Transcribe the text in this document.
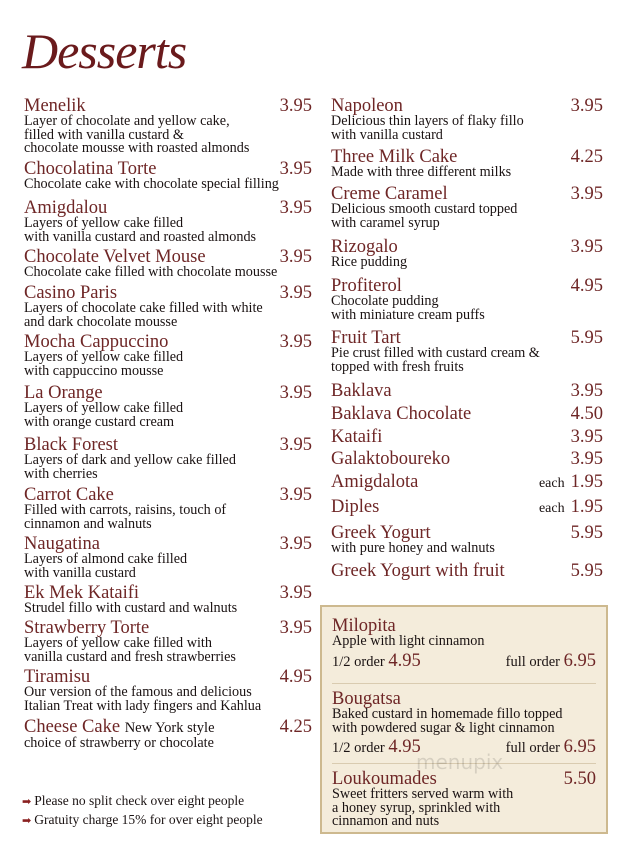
Desserts
Menelik	3.95
Layer of chocolate and yellow cake,
filled with vanilla custard &
chocolate mousse with roasted almonds
Chocolatina Torte	3.95
Chocolate cake with chocolate special filling
Amigdalou	3.95
Layers of yellow cake filled
with vanilla custard and roasted almonds
Chocolate Velvet Mouse	3.95
Chocolate cake filled with chocolate mousse
Casino Paris	3.95
Layers of chocolate cake filled with white
and dark chocolate mousse
Mocha Cappuccino	3.95
Layers of yellow cake filled
with cappuccino mousse
La Orange	3.95
Layers of yellow cake filled
with orange custard cream
Black Forest	3.95
Layers of dark and yellow cake filled
with cherries
Carrot Cake	3.95
Filled with carrots, raisins, touch of
cinnamon and walnuts
Naugatina	3.95
Layers of almond cake filled
with vanilla custard
Ek Mek Kataifi	3.95
Strudel fillo with custard and walnuts
Strawberry Torte	3.95
Layers of yellow cake filled with
vanilla custard and fresh strawberries
Tiramisu	4.95
Our version of the famous and delicious
Italian Treat with lady fingers and Kahlua
Cheese Cake New York style	4.25
choice of strawberry or chocolate
Napoleon	3.95
Delicious thin layers of flaky fillo
with vanilla custard
Three Milk Cake	4.25
Made with three different milks
Creme Caramel	3.95
Delicious smooth custard topped
with caramel syrup
Rizogalo	3.95
Rice pudding
Profiterol	4.95
Chocolate pudding
with miniature cream puffs
Fruit Tart	5.95
Pie crust filled with custard cream &
topped with fresh fruits
Baklava	3.95
Baklava Chocolate	4.50
Kataifi	3.95
Galaktoboureko	3.95
Amigdalota	each 1.95
Diples	each 1.95
Greek Yogurt	5.95
with pure honey and walnuts
Greek Yogurt with fruit	5.95
Milopita
Apple with light cinnamon
1/2 order 4.95	full order 6.95
Bougatsa
Baked custard in homemade fillo topped
with powdered sugar & light cinnamon
1/2 order 4.95	full order 6.95
Loukoumades	5.50
Sweet fritters served warm with
a honey syrup, sprinkled with
cinnamon and nuts
menupix
➡ Please no split check over eight people
➡ Gratuity charge 15% for over eight people
